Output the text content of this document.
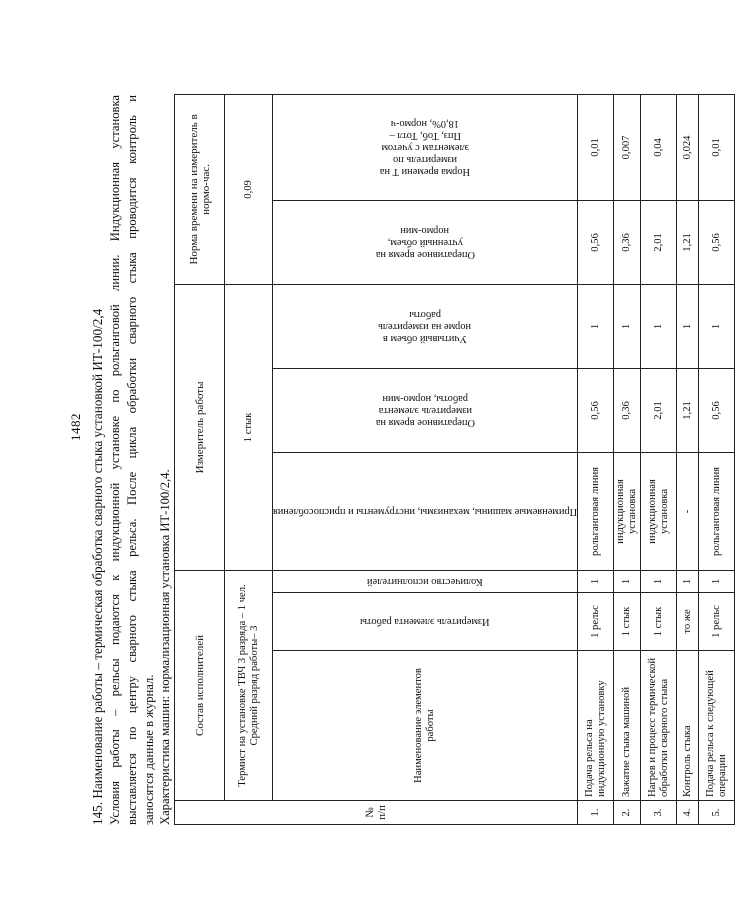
1482 145. Наименование работы – термическая обработка сварного стыка установкой ИТ-100/2,4 Условия работы – рельсы подаются к индукционной установке по рольганговой линии. Индукционная установка выставляется по центру сварного стыка рельса. После цикла обработки сварного стыка проводится контроль и заносятся данные в журнал. Характеристика машин: нормализационная установка ИТ-100/2,4.	№ п/п	Состав исполнителей			Измеритель работы			Норма времени на измеритель в нормо-час.	

	Термист на установке ТВЧ 3 разряда – 1 чел. Средний разряд работы– 3			1 стык			0,09	
	Наименование элементов работы	Измеритель элемента работы	Количество исполнителей	Применяемые машины, механизмы, инструменты и приспособления	Оперативное время на измеритель элемента работы, нормо-мин	Учитывый объем в норме на измеритель работы	Оперативное время на учтенный объем, нормо-мин	Норма времени Т на измеритель по элементам с учетом Ппз, Тоб, Тотл – 18,0%, нормо-ч

1.	Подача рельса на индукционную установку	1 рельс	1	рольганговая линия	0,56	1	0,56	0,01
2.	Зажатие стыка машиной	1 стык	1	индукционная установка	0,36	1	0,36	0,007
3.	Нагрев и процесс термической обработки сварного стыка	1 стык	1	индукционная установка	2,01	1	2,01	0,04
4.	Контроль стыка	то же	1	-	1,21	1	1,21	0,024
5.	Подача рельса к следующей операции	1 рельс	1	рольганговая линия	0,56	1	0,56	0,01
